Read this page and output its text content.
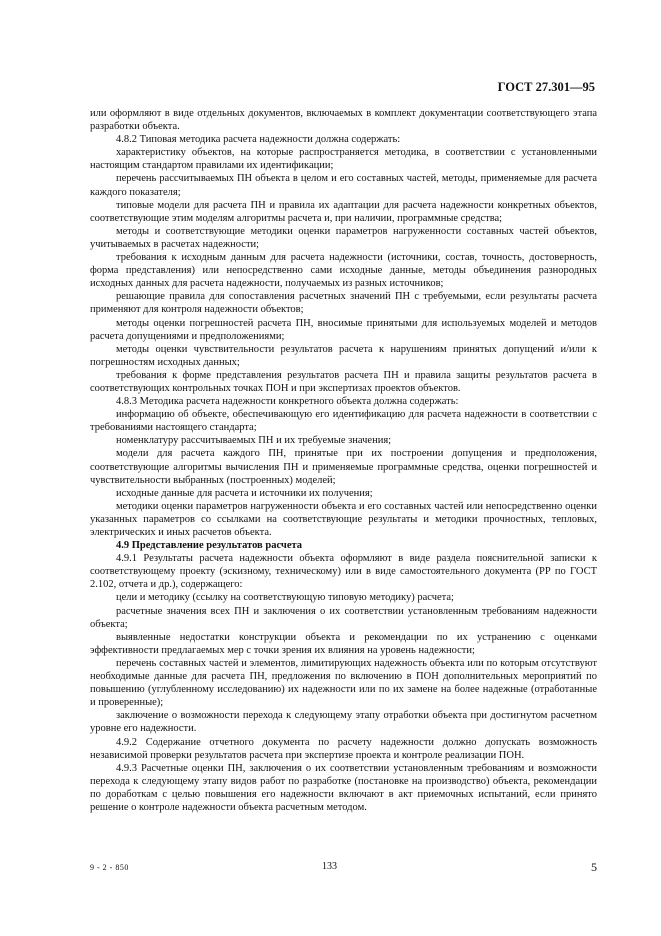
ГОСТ 27.301—95

или оформляют в виде отдельных документов, включаемых в комплект документации соответствующего этапа разработки объекта.

4.8.2 Типовая методика расчета надежности должна содержать:

характеристику объектов, на которые распространяется методика, в соответствии с установленными настоящим стандартом правилами их идентификации;

перечень рассчитываемых ПН объекта в целом и его составных частей, методы, применяемые для расчета каждого показателя;

типовые модели для расчета ПН и правила их адаптации для расчета надежности конкретных объектов, соответствующие этим моделям алгоритмы расчета и, при наличии, программные средства;

методы и соответствующие методики оценки параметров нагруженности составных частей объектов, учитываемых в расчетах надежности;

требования к исходным данным для расчета надежности (источники, состав, точность, достоверность, форма представления) или непосредственно сами исходные данные, методы объединения разнородных исходных данных для расчета надежности, получаемых из разных источников;

решающие правила для сопоставления расчетных значений ПН с требуемыми, если результаты расчета применяют для контроля надежности объектов;

методы оценки погрешностей расчета ПН, вносимые принятыми для используемых моделей и методов расчета допущениями и предположениями;

методы оценки чувствительности результатов расчета к нарушениям принятых допущений и/или к погрешностям исходных данных;

требования к форме представления результатов расчета ПН и правила защиты результатов расчета в соответствующих контрольных точках ПОН и при экспертизах проектов объектов.

4.8.3 Методика расчета надежности конкретного объекта должна содержать:

информацию об объекте, обеспечивающую его идентификацию для расчета надежности в соответствии с требованиями настоящего стандарта;

номенклатуру рассчитываемых ПН и их требуемые значения;

модели для расчета каждого ПН, принятые при их построении допущения и предположения, соответствующие алгоритмы вычисления ПН и применяемые программные средства, оценки погрешностей и чувствительности выбранных (построенных) моделей;

исходные данные для расчета и источники их получения;

методики оценки параметров нагруженности объекта и его составных частей или непосредственно оценки указанных параметров со ссылками на соответствующие результаты и методики прочностных, тепловых, электрических и иных расчетов объекта.

4.9 Представление результатов расчета

4.9.1 Результаты расчета надежности объекта оформляют в виде раздела пояснительной записки к соответствующему проекту (эскизному, техническому) или в виде самостоятельного документа (РР по ГОСТ 2.102, отчета и др.), содержащего:

цели и методику (ссылку на соответствующую типовую методику) расчета;

расчетные значения всех ПН и заключения о их соответствии установленным требованиям надежности объекта;

выявленные недостатки конструкции объекта и рекомендации по их устранению с оценками эффективности предлагаемых мер с точки зрения их влияния на уровень надежности;

перечень составных частей и элементов, лимитирующих надежность объекта или по которым отсутствуют необходимые данные для расчета ПН, предложения по включению в ПОН дополнительных мероприятий по повышению (углубленному исследованию) их надежности или по их замене на более надежные (отработанные и проверенные);

заключение о возможности перехода к следующему этапу отработки объекта при достигнутом расчетном уровне его надежности.

4.9.2 Содержание отчетного документа по расчету надежности должно допускать возможность независимой проверки результатов расчета при экспертизе проекта и контроле реализации ПОН.

4.9.3 Расчетные оценки ПН, заключения о их соответствии установленным требованиям и возможности перехода к следующему этапу видов работ по разработке (постановке на производство) объекта, рекомендации по доработкам с целью повышения его надежности включают в акт приемочных испытаний, если принято решение о контроле надежности объекта расчетным методом.

9 - 2 - 850	133	5
